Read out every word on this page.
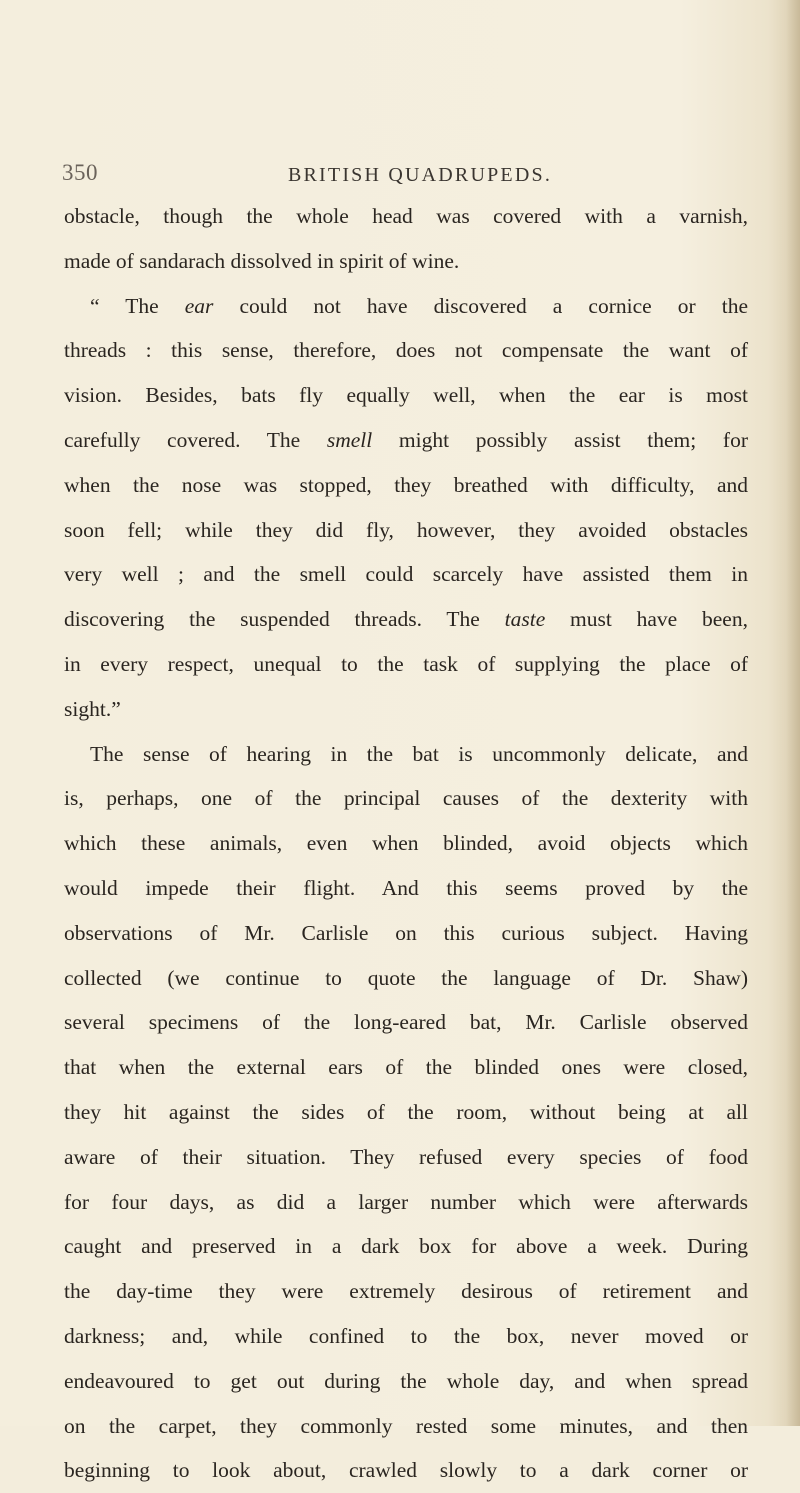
350	BRITISH QUADRUPEDS.
obstacle, though the whole head was covered with a varnish,
made of sandarach dissolved in spirit of wine.
“ The ear could not have discovered a cornice or the
threads : this sense, therefore, does not compensate the want of
vision. Besides, bats fly equally well, when the ear is most
carefully covered. The smell might possibly assist them; for
when the nose was stopped, they breathed with difficulty, and
soon fell; while they did fly, however, they avoided obstacles
very well ; and the smell could scarcely have assisted them in
discovering the suspended threads. The taste must have been,
in every respect, unequal to the task of supplying the place of
sight.”
The sense of hearing in the bat is uncommonly delicate, and
is, perhaps, one of the principal causes of the dexterity with
which these animals, even when blinded, avoid objects which
would impede their flight. And this seems proved by the
observations of Mr. Carlisle on this curious subject. Having
collected (we continue to quote the language of Dr. Shaw)
several specimens of the long-eared bat, Mr. Carlisle observed
that when the external ears of the blinded ones were closed,
they hit against the sides of the room, without being at all
aware of their situation. They refused every species of food
for four days, as did a larger number which were afterwards
caught and preserved in a dark box for above a week. During
the day-time they were extremely desirous of retirement and
darkness; and, while confined to the box, never moved or
endeavoured to get out during the whole day, and when spread
on the carpet, they commonly rested some minutes, and then
beginning to look about, crawled slowly to a dark corner or
